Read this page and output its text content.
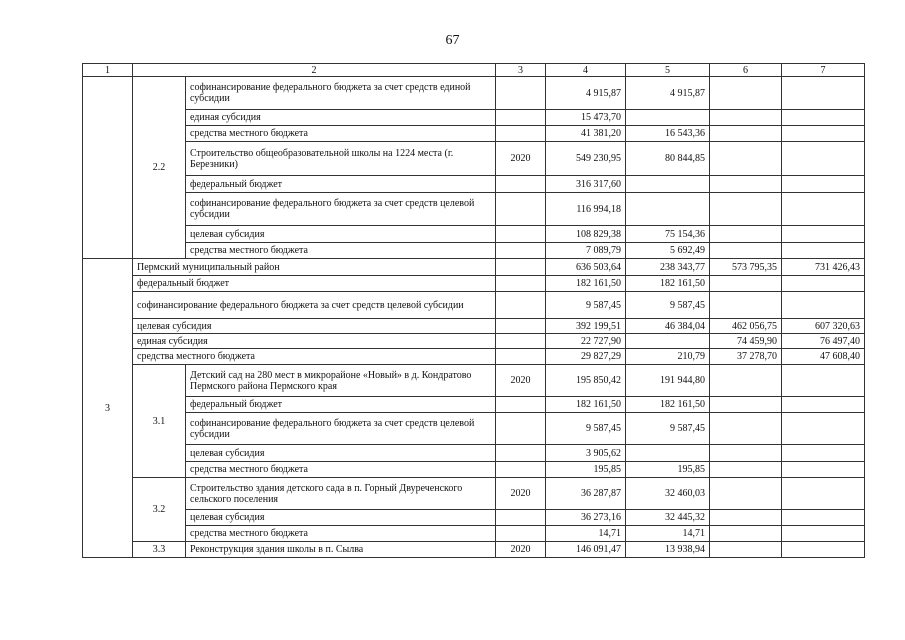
67
1	2		3	4	5	6	7
	2.2	софинансирование федерального бюджета за счет средств единой субсидии		4 915,87	4 915,87		
		единая субсидия		15 473,70			
		средства местного бюджета		41 381,20	16 543,36		
		Строительство общеобразовательной школы на 1224 места (г. Березники)	2020	549 230,95	80 844,85		
		федеральный бюджет		316 317,60			
		софинансирование федерального бюджета за счет средств целевой субсидии		116 994,18			
		целевая субсидия		108 829,38	75 154,36		
		средства местного бюджета		7 089,79	5 692,49		
3	Пермский муниципальный район			636 503,64	238 343,77	573 795,35	731 426,43
	федеральный бюджет			182 161,50	182 161,50		
	софинансирование федерального бюджета за счет средств целевой субсидии			9 587,45	9 587,45		
	целевая субсидия			392 199,51	46 384,04	462 056,75	607 320,63
	единая субсидия			22 727,90		74 459,90	76 497,40
	средства местного бюджета			29 827,29	210,79	37 278,70	47 608,40
	3.1	Детский сад на 280 мест в микрорайоне «Новый» в д. Кондратово Пермского района Пермского края	2020	195 850,42	191 944,80		
		федеральный бюджет		182 161,50	182 161,50		
		софинансирование федерального бюджета за счет средств целевой субсидии		9 587,45	9 587,45		
		целевая субсидия		3 905,62			
		средства местного бюджета		195,85	195,85		
	3.2	Строительство здания детского сада в п. Горный Двуреченского сельского поселения	2020	36 287,87	32 460,03		
		целевая субсидия		36 273,16	32 445,32		
		средства местного бюджета		14,71	14,71		
	3.3	Реконструкция здания школы в п. Сылва	2020	146 091,47	13 938,94		
